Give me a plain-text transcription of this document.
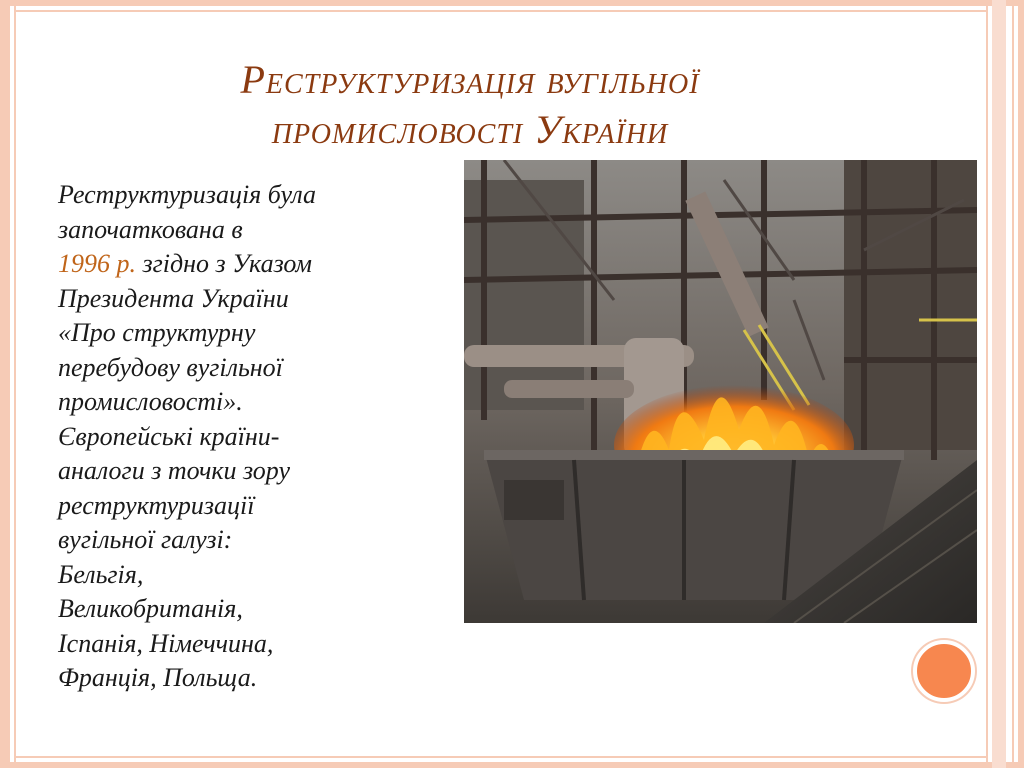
Реструктуризація вугільної
промисловості України
Реструктуризація була
започаткована в
1996 р. згідно з Указом
Президента України
«Про структурну
перебудову вугільної
промисловості».
Європейські країни-
аналоги з точки зору
реструктуризації
вугільної галузі:
Бельгія,
Великобританія,
Іспанія, Німеччина,
Франція, Польща.
